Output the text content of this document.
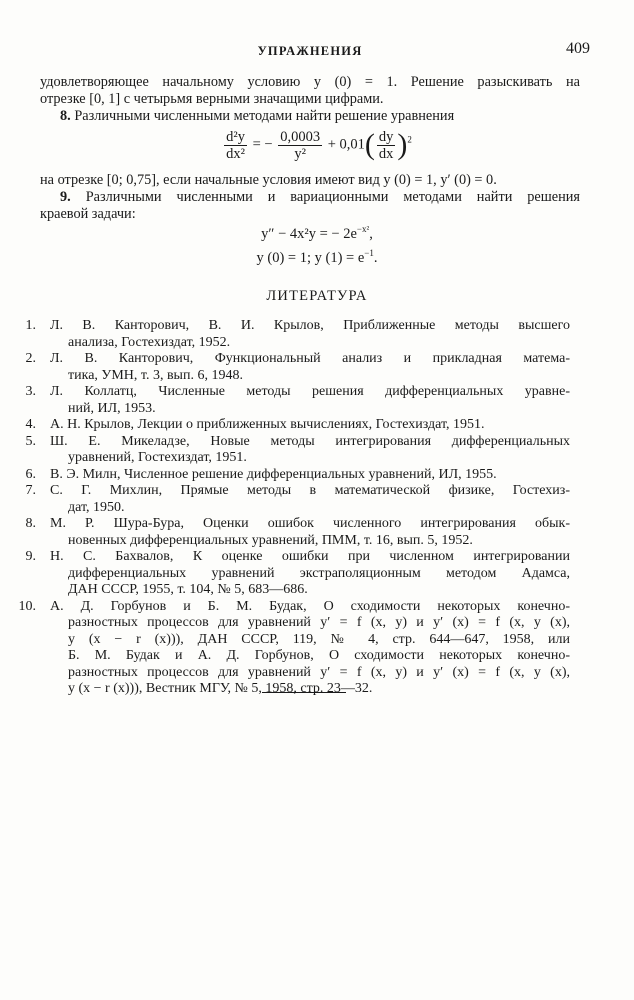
УПРАЖНЕНИЯ	409
удовлетворяющее начальному условию y (0) = 1. Решение разыскивать на
отрезке [0, 1] с четырьмя верными значащими цифрами.
8. Различными численными методами найти решение уравнения
$\frac{\text{d²y}}{\text{dx²}}$ = − $\frac{0,0003}{\text{y²}} + 0,01( \frac{dy}{dx} )^2$
на отрезке [0; 0,75], если начальные условия имеют вид y (0) = 1, y′ (0) = 0.
9. Различными численными и вариационными методами найти решения
краевой задачи:
y″ − 4x²y = − $2e^{-x^2}$,
y (0) = 1; y $(1) = e^{-1}$.
ЛИТЕРАТУРА
1. Л. В. Канторович, В. И. Крылов, Приближенные методы высшего
анализа, Гостехиздат, 1952.
2. Л. В. Канторович, Функциональный анализ и прикладная матема-
тика, УМН, т. 3, вып. 6, 1948.
3. Л. Коллатц, Численные методы решения дифференциальных уравне-
ний, ИЛ, 1953.
4. А. Н. Крылов, Лекции о приближенных вычислениях, Гостехиздат, 1951.
5. Ш. Е. Микеладзе, Новые методы интегрирования дифференциальных
уравнений, Гостехиздат, 1951.
6. В. Э. Милн, Численное решение дифференциальных уравнений, ИЛ, 1955.
7. С. Г. Михлин, Прямые методы в математической физике, Гостехиз-
дат, 1950.
8. М. Р. Шура-Бура, Оценки ошибок численного интегрирования обык-
новенных дифференциальных уравнений, ПММ, т. 16, вып. 5, 1952.
9. Н. С. Бахвалов, К оценке ошибки при численном интегрировании
дифференциальных уравнений экстраполяционным методом Адамса,
ДАН СССР, 1955, т. 104, № 5, 683—686.
10. А. Д. Горбунов и Б. М. Будак, О сходимости некоторых конечно-
разностных процессов для уравнений y′ = f (x, y) и y′ (x) = f (x, y (x),
y (x − r (x))), ДАН СССР, 119, № 4, стр. 644—647, 1958, или
Б. М. Будак и А. Д. Горбунов, О сходимости некоторых конечно-
разностных процессов для уравнений y′ = f (x, y) и y′ (x) = f (x, y (x),
y (x − r (x))), Вестник МГУ, № 5, 1958, стр. 23—32.
